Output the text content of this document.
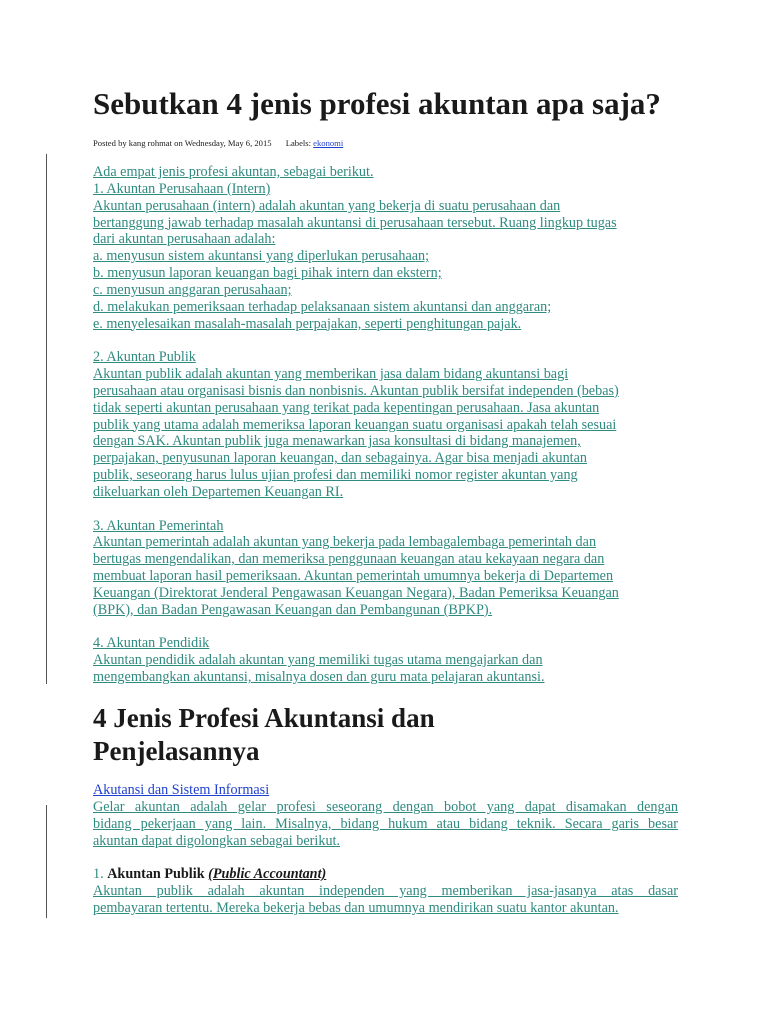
Sebutkan 4 jenis profesi akuntan apa saja?
Posted by kang rohmat on Wednesday, May 6, 2015 Labels: ekonomi

Ada empat jenis profesi akuntan, sebagai berikut.
1. Akuntan Perusahaan (Intern)
Akuntan perusahaan (intern) adalah akuntan yang bekerja di suatu perusahaan dan
bertanggung jawab terhadap masalah akuntansi di perusahaan tersebut. Ruang lingkup tugas
dari akuntan perusahaan adalah:
a. menyusun sistem akuntansi yang diperlukan perusahaan;
b. menyusun laporan keuangan bagi pihak intern dan ekstern;
c. menyusun anggaran perusahaan;
d. melakukan pemeriksaan terhadap pelaksanaan sistem akuntansi dan anggaran;
e. menyelesaikan masalah-masalah perpajakan, seperti penghitungan pajak.

2. Akuntan Publik
Akuntan publik adalah akuntan yang memberikan jasa dalam bidang akuntansi bagi
perusahaan atau organisasi bisnis dan nonbisnis. Akuntan publik bersifat independen (bebas)
tidak seperti akuntan perusahaan yang terikat pada kepentingan perusahaan. Jasa akuntan
publik yang utama adalah memeriksa laporan keuangan suatu organisasi apakah telah sesuai
dengan SAK. Akuntan publik juga menawarkan jasa konsultasi di bidang manajemen,
perpajakan, penyusunan laporan keuangan, dan sebagainya. Agar bisa menjadi akuntan
publik, seseorang harus lulus ujian profesi dan memiliki nomor register akuntan yang
dikeluarkan oleh Departemen Keuangan RI.

3. Akuntan Pemerintah
Akuntan pemerintah adalah akuntan yang bekerja pada lembagalembaga pemerintah dan
bertugas mengendalikan, dan memeriksa penggunaan keuangan atau kekayaan negara dan
membuat laporan hasil pemeriksaan. Akuntan pemerintah umumnya bekerja di Departemen
Keuangan (Direktorat Jenderal Pengawasan Keuangan Negara), Badan Pemeriksa Keuangan
(BPK), dan Badan Pengawasan Keuangan dan Pembangunan (BPKP).

4. Akuntan Pendidik
Akuntan pendidik adalah akuntan yang memiliki tugas utama mengajarkan dan
mengembangkan akuntansi, misalnya dosen dan guru mata pelajaran akuntansi.

4 Jenis Profesi Akuntansi dan
Penjelasannya
Akutansi dan Sistem Informasi
Gelar akuntan adalah gelar profesi seseorang dengan bobot yang dapat disamakan dengan
bidang pekerjaan yang lain. Misalnya, bidang hukum atau bidang teknik. Secara garis besar
akuntan dapat digolongkan sebagai berikut.
1. Akuntan Publik (Public Accountant)
Akuntan publik adalah akuntan independen yang memberikan jasa-jasanya atas dasar
pembayaran tertentu. Mereka bekerja bebas dan umumnya mendirikan suatu kantor akuntan.
